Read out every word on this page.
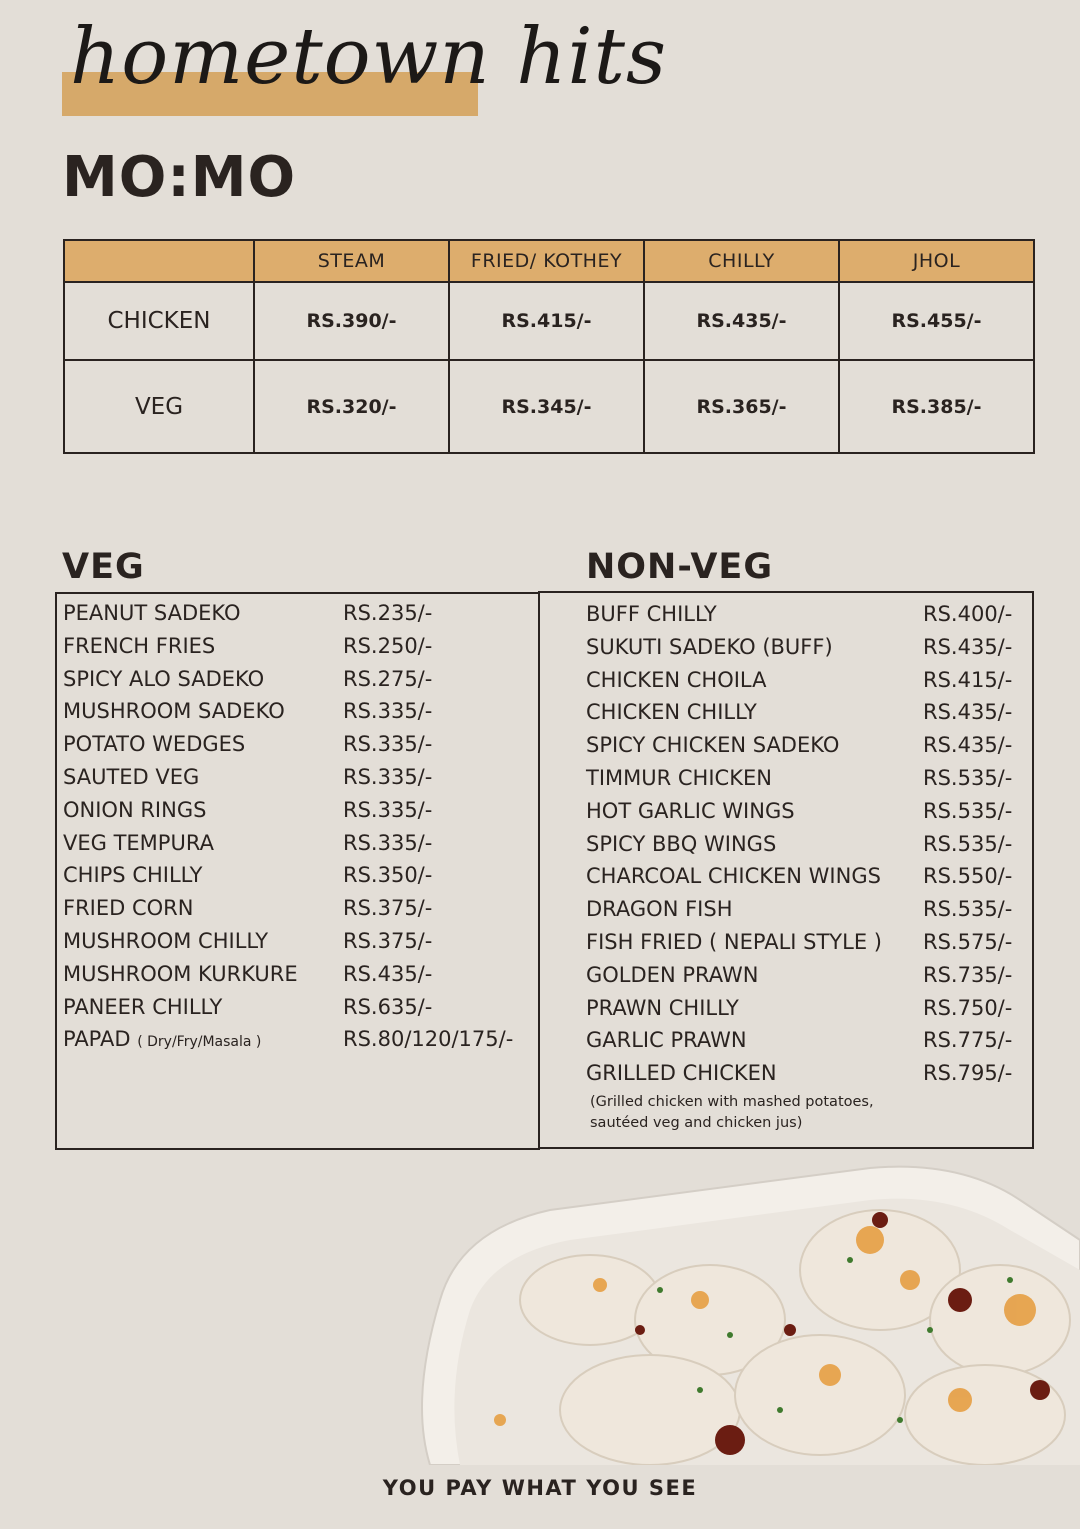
hometown hits
MO:MO
	STEAM	FRIED/ KOTHEY	CHILLY	JHOL
CHICKEN	RS.390/-	RS.415/-	RS.435/-	RS.455/-
VEG	RS.320/-	RS.345/-	RS.365/-	RS.385/-
VEG	NON-VEG
PEANUT SADEKO	RS.235/-
FRENCH FRIES	RS.250/-
SPICY ALO SADEKO	RS.275/-
MUSHROOM SADEKO	RS.335/-
POTATO WEDGES	RS.335/-
SAUTED VEG	RS.335/-
ONION RINGS	RS.335/-
VEG TEMPURA	RS.335/-
CHIPS CHILLY	RS.350/-
FRIED CORN	RS.375/-
MUSHROOM CHILLY	RS.375/-
MUSHROOM KURKURE RS.435/-
PANEER CHILLY	RS.635/-
PAPAD ( Dry/Fry/Masala )	RS.80/120/175/-
BUFF CHILLY	RS.400/-
SUKUTI SADEKO (BUFF)	RS.435/-
CHICKEN CHOILA	RS.415/-
CHICKEN CHILLY	RS.435/-
SPICY CHICKEN SADEKO	RS.435/-
TIMMUR CHICKEN	RS.535/-
HOT GARLIC WINGS	RS.535/-
SPICY BBQ WINGS	RS.535/-
CHARCOAL CHICKEN WINGS RS.550/-
DRAGON FISH	RS.535/-
FISH FRIED ( NEPALI STYLE ) RS.575/-
GOLDEN PRAWN	RS.735/-
PRAWN CHILLY	RS.750/-
GARLIC PRAWN	RS.775/-
GRILLED CHICKEN	RS.795/-

(Grilled chicken with mashed potatoes,
sautéed veg and chicken jus)

YOU PAY WHAT YOU SEE
